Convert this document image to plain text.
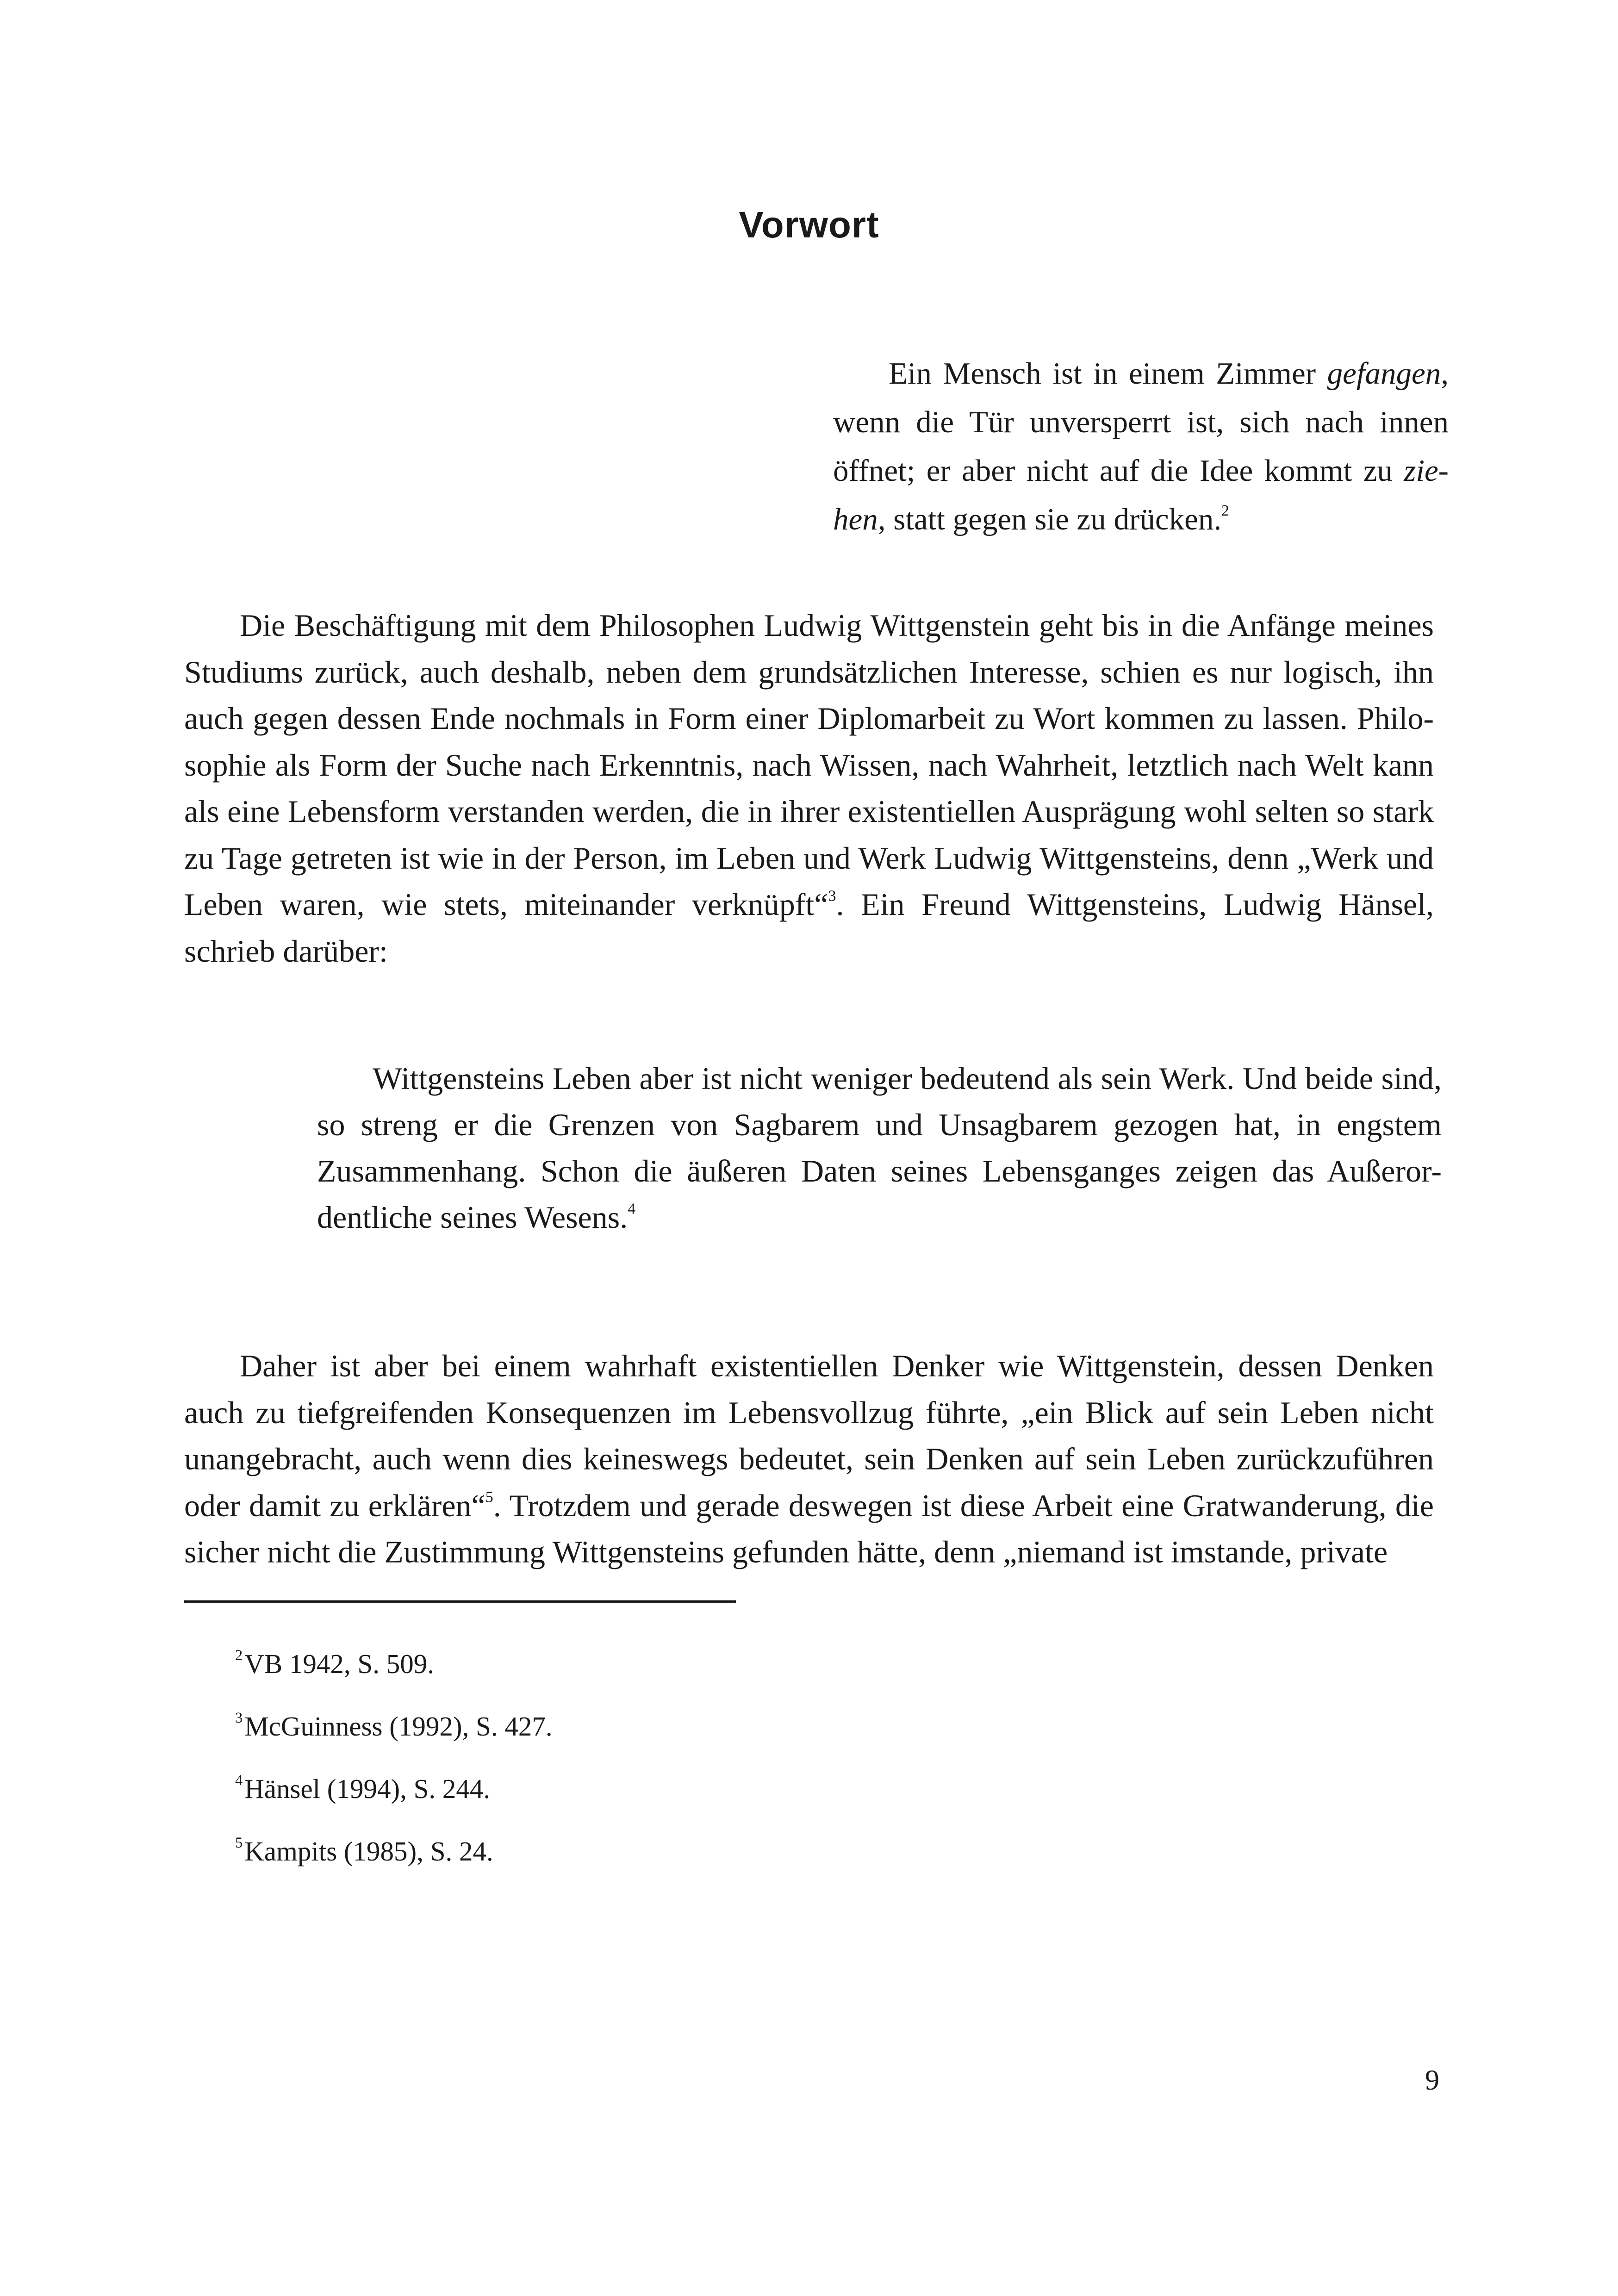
Vorwort

Ein Mensch ist in einem Zimmer gefangen, wenn die Tür unversperrt ist, sich nach innen öffnet; er aber nicht auf die Idee kommt zu zie-hen, statt gegen sie zu drücken.$^2$

Die Beschäftigung mit dem Philosophen Ludwig Wittgenstein geht bis in die Anfänge meines Studiums zurück, auch deshalb, neben dem grundsätzlichen Interesse, schien es nur logisch, ihn auch gegen dessen Ende nochmals in Form einer Diplomarbeit zu Wort kommen zu lassen. Philo-sophie als Form der Suche nach Erkenntnis, nach Wissen, nach Wahrheit, letztlich nach Welt kann als eine Lebensform verstanden werden, die in ihrer existentiellen Ausprägung wohl selten so stark zu Tage getreten ist wie in der Person, im Leben und Werk Ludwig Wittgensteins, denn „Werk und Leben waren, wie stets, miteinander verknüpft“$^3$. Ein Freund Wittgensteins, Ludwig Hänsel, schrieb darüber:

Wittgensteins Leben aber ist nicht weniger bedeutend als sein Werk. Und beide sind, so streng er die Grenzen von Sagbarem und Unsagbarem gezogen hat, in engstem Zusammenhang. Schon die äußeren Daten seines Lebensganges zeigen das Außeror-dentliche seines Wesens.$^4$

Daher ist aber bei einem wahrhaft existentiellen Denker wie Wittgenstein, dessen Denken auch zu tiefgreifenden Konsequenzen im Lebensvollzug führte, „ein Blick auf sein Leben nicht unangebracht, auch wenn dies keineswegs bedeutet, sein Denken auf sein Leben zurückzuführen oder damit zu erklären“$^5$. Trotzdem und gerade deswegen ist diese Arbeit eine Gratwanderung, die sicher nicht die Zustimmung Wittgensteins gefunden hätte, denn „niemand ist imstande, private

$^2$VB 1942, S. 509.
$^3$McGuinness (1992), S. 427.
$^4$Hänsel (1994), S. 244.
$^5$Kampits (1985), S. 24.
9
